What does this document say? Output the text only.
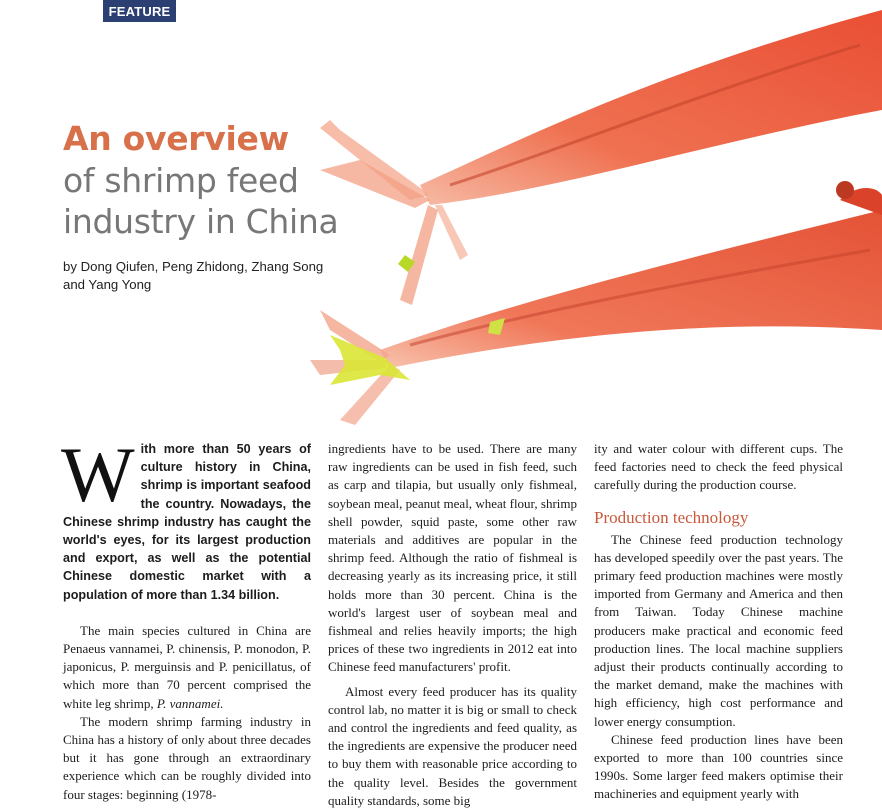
FEATURE
An overview
of shrimp feed
industry in China
by Dong Qiufen, Peng Zhidong, Zhang Song
and Yang Yong

With more than 50 years of culture history in China, shrimp is important seafood the country. Nowadays, the Chinese shrimp industry has caught the world's eyes, for its largest production and export, as well as the potential Chinese domestic market with a population of more than 1.34 billion.

The main species cultured in China are Penaeus vannamei, P. chinensis, P. monodon, P. japonicus, P. merguinsis and P. penicillatus, of which more than 70 percent comprised the white leg shrimp, P. vannamei.

The modern shrimp farming industry in China has a history of only about three decades but it has gone through an extraordinary experience which can be roughly divided into four stages: beginning (1978-

ingredients have to be used. There are many raw ingredients can be used in fish feed, such as carp and tilapia, but usually only fishmeal, soybean meal, peanut meal, wheat flour, shrimp shell powder, squid paste, some other raw materials and additives are popular in the shrimp feed. Although the ratio of fishmeal is decreasing yearly as its increasing price, it still holds more than 30 percent. China is the world's largest user of soybean meal and fishmeal and relies heavily imports; the high prices of these two ingredients in 2012 eat into Chinese feed manufacturers' profit.

Almost every feed producer has its quality control lab, no matter it is big or small to check and control the ingredients and feed quality, as the ingredients are expensive the producer need to buy them with reasonable price according to the quality level. Besides the government quality standards, some big

ity and water colour with different cups. The feed factories need to check the feed physical carefully during the production course.

Production technology

The Chinese feed production technology has developed speedily over the past years. The primary feed production machines were mostly imported from Germany and America and then from Taiwan. Today Chinese machine producers make practical and economic feed production lines. The local machine suppliers adjust their products continually according to the market demand, make the machines with high efficiency, high cost performance and lower energy consumption.

Chinese feed production lines have been exported to more than 100 countries since 1990s. Some larger feed makers optimise their machineries and equipment yearly with
